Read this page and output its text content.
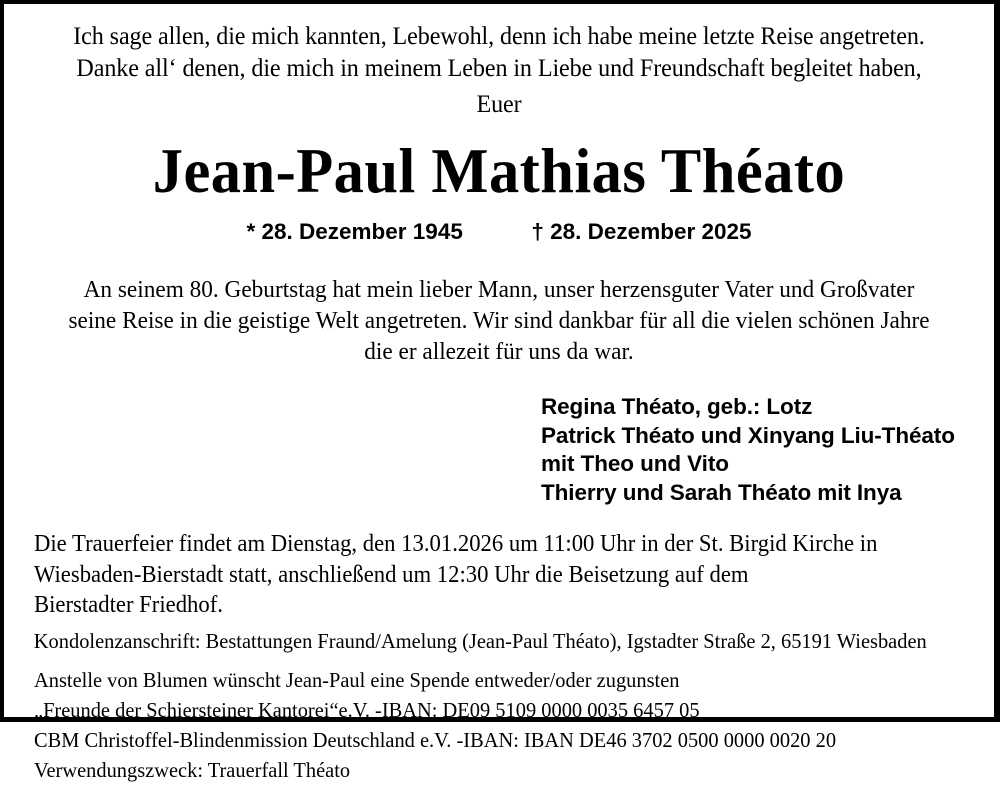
Ich sage allen, die mich kannten, Lebewohl, denn ich habe meine letzte Reise angetreten.
Danke all‘ denen, die mich in meinem Leben in Liebe und Freundschaft begleitet haben,
Euer
Jean-Paul Mathias Théato
* 28. Dezember 1945	† 28. Dezember 2025
An seinem 80. Geburtstag hat mein lieber Mann, unser herzensguter Vater und Großvater
seine Reise in die geistige Welt angetreten. Wir sind dankbar für all die vielen schönen Jahre
die er allezeit für uns da war.
Regina Théato, geb.: Lotz
Patrick Théato und Xinyang Liu-Théato
mit Theo und Vito
Thierry und Sarah Théato mit Inya
Die Trauerfeier findet am Dienstag, den 13.01.2026 um 11:00 Uhr in der St. Birgid Kirche in
Wiesbaden-Bierstadt statt, anschließend um 12:30 Uhr die Beisetzung auf dem
Bierstadter Friedhof.
Kondolenzanschrift: Bestattungen Fraund/Amelung (Jean-Paul Théato), Igstadter Straße 2, 65191 Wiesbaden
Anstelle von Blumen wünscht Jean-Paul eine Spende entweder/oder zugunsten
„Freunde der Schiersteiner Kantorei“e.V. -IBAN: DE09 5109 0000 0035 6457 05
CBM Christoffel-Blindenmission Deutschland e.V. -IBAN: IBAN DE46 3702 0500 0000 0020 20
Verwendungszweck: Trauerfall Théato
